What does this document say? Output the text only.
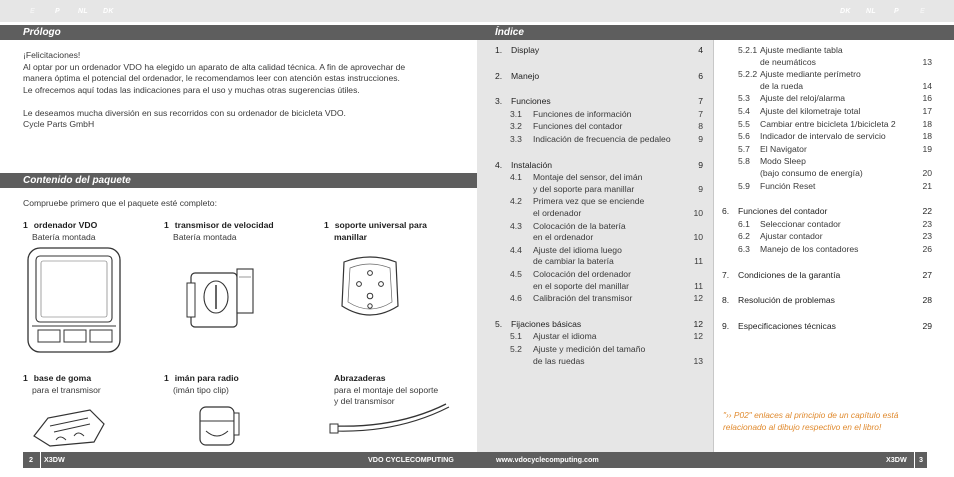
E	P	NL DK	DK NL	P	E
Prólogo
¡Felicitaciones!
Al optar por un ordenador VDO ha elegido un aparato de alta calidad técnica. A fin de aprovechar de
manera óptima el potencial del ordenador, le recomendamos leer con atención estas instrucciones.
Le ofrecemos aquí todas las indicaciones para el uso y muchas otras sugerencias útiles.
Le deseamos mucha diversión en sus recorridos con su ordenador de bicicleta VDO.
Cycle Parts GmbH
Contenido del paquete
Compruebe primero que el paquete esté completo:
1 ordenador VDO
Batería montada
1 transmisor de velocidad
Batería montada
1 soporte universal para
manillar
1 base de goma
para el transmisor
1 imán para radio
(imán tipo clip)
Abrazaderas
para el montaje del soporte
y del transmisor
Índice
1. Display	4
2. Manejo	6
3. Funciones	7
3.1 Funciones de información	7
3.2 Funciones del contador	8
3.3 Indicación de frecuencia de pedaleo	9
4. Instalación	9
4.1 Montaje del sensor, del imán
y del soporte para manillar	9
4.2 Primera vez que se enciende
el ordenador	10
4.3 Colocación de la batería
en el ordenador	10
4.4 Ajuste del idioma luego
de cambiar la batería	11
4.5 Colocación del ordenador
en el soporte del manillar	11
4.6 Calibración del transmisor	12
5. Fijaciones básicas	12
5.1 Ajustar el idioma	12
5.2 Ajuste y medición del tamaño
de las ruedas	13
5.2.1 Ajuste mediante tabla
de neumáticos	13
5.2.2 Ajuste mediante perímetro
de la rueda	14
5.3 Ajuste del reloj/alarma	16
5.4 Ajuste del kilometraje total	17
5.5 Cambiar entre bicicleta 1/bicicleta 2	18
5.6 Indicador de intervalo de servicio	18
5.7 El Navigator	19
5.8 Modo Sleep
(bajo consumo de energía)	20
5.9 Función Reset	21
6. Funciones del contador	22
6.1 Seleccionar contador	23
6.2 Ajustar contador	23
6.3 Manejo de los contadores	26
7. Condiciones de la garantía	27
8. Resolución de problemas	28
9. Especificaciones técnicas	29
"›› P02" enlaces al principio de un capítulo está
relacionado al dibujo respectivo en el libro!
2 X3DW	VDO CYCLECOMPUTING	www.vdocyclecomputing.com	X3DW 3
